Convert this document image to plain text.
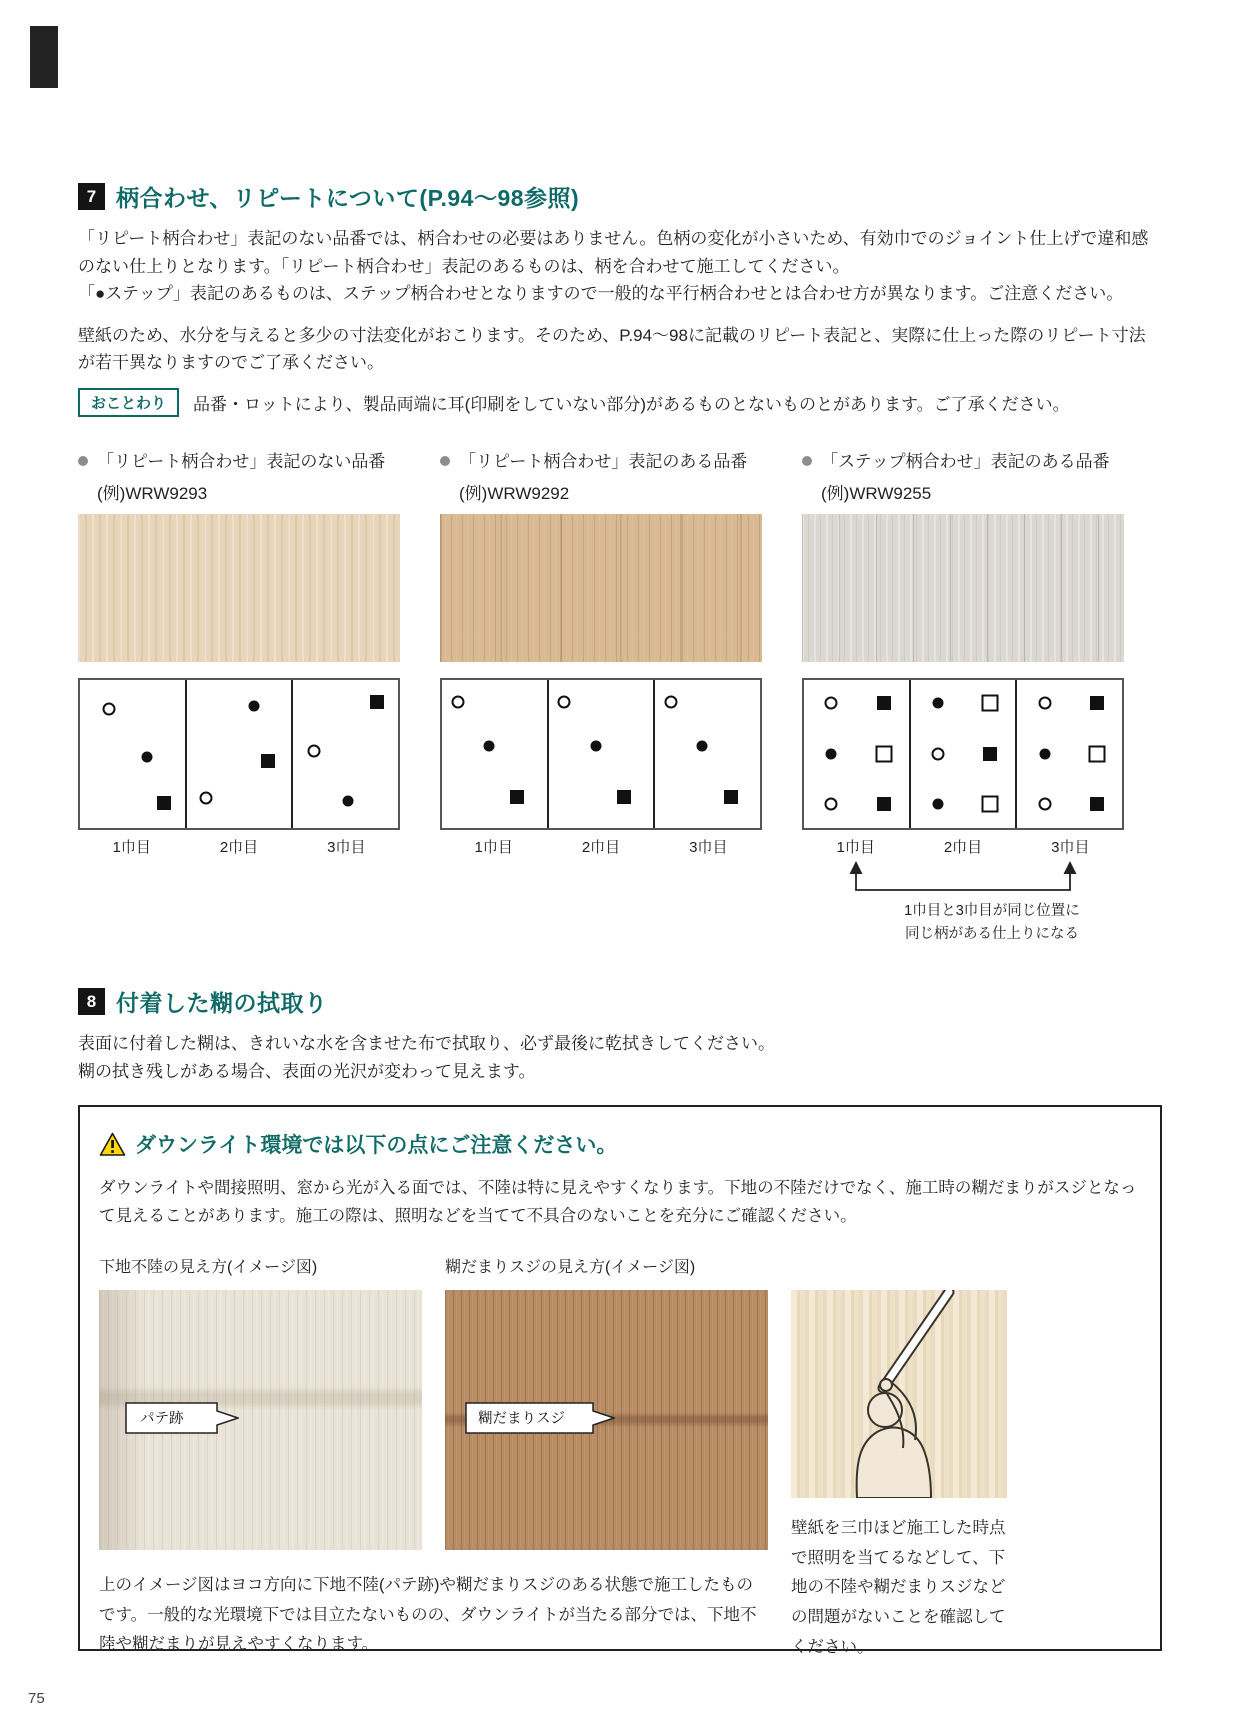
7 柄合わせ、リピートについて(P.94～98参照)

「リピート柄合わせ」表記のない品番では、柄合わせの必要はありません。色柄の変化が小さいため、有効巾でのジョイント仕上げで違和感のない仕上りとなります。「リピート柄合わせ」表記のあるものは、柄を合わせて施工してください。

「●ステップ」表記のあるものは、ステップ柄合わせとなりますので一般的な平行柄合わせとは合わせ方が異なります。ご注意ください。

壁紙のため、水分を与えると多少の寸法変化がおこります。そのため、P.94～98に記載のリピート表記と、実際に仕上った際のリピート寸法が若干異なりますのでご了承ください。

おことわり	品番・ロットにより、製品両端に耳(印刷をしていない部分)があるものとないものとがあります。ご了承ください。

「リピート柄合わせ」表記のない品番
(例)WRW9293
1巾目	2巾目	3巾目
「リピート柄合わせ」表記のある品番
(例)WRW9292
1巾目	2巾目	3巾目
「ステップ柄合わせ」表記のある品番
(例)WRW9255
1巾目	2巾目	3巾目
1巾目と3巾目が同じ位置に
同じ柄がある仕上りになる
8 付着した糊の拭取り

表面に付着した糊は、きれいな水を含ませた布で拭取り、必ず最後に乾拭きしてください。

糊の拭き残しがある場合、表面の光沢が変わって見えます。

ダウンライト環境では以下の点にご注意ください。

ダウンライトや間接照明、窓から光が入る面では、不陸は特に見えやすくなります。下地の不陸だけでなく、施工時の糊だまりがスジとなって見えることがあります。施工の際は、照明などを当てて不具合のないことを充分にご確認ください。

下地不陸の見え方(イメージ図)	糊だまりスジの見え方(イメージ図)

パテ跡	糊だまりスジ

壁紙を三巾ほど施工した時点で照明を当てるなどして、下地の不陸や糊だまりスジなどの問題がないことを確認してください。

上のイメージ図はヨコ方向に下地不陸(パテ跡)や糊だまりスジのある状態で施工したものです。一般的な光環境下では目立たないものの、ダウンライトが当たる部分では、下地不陸や糊だまりが見えやすくなります。

75
